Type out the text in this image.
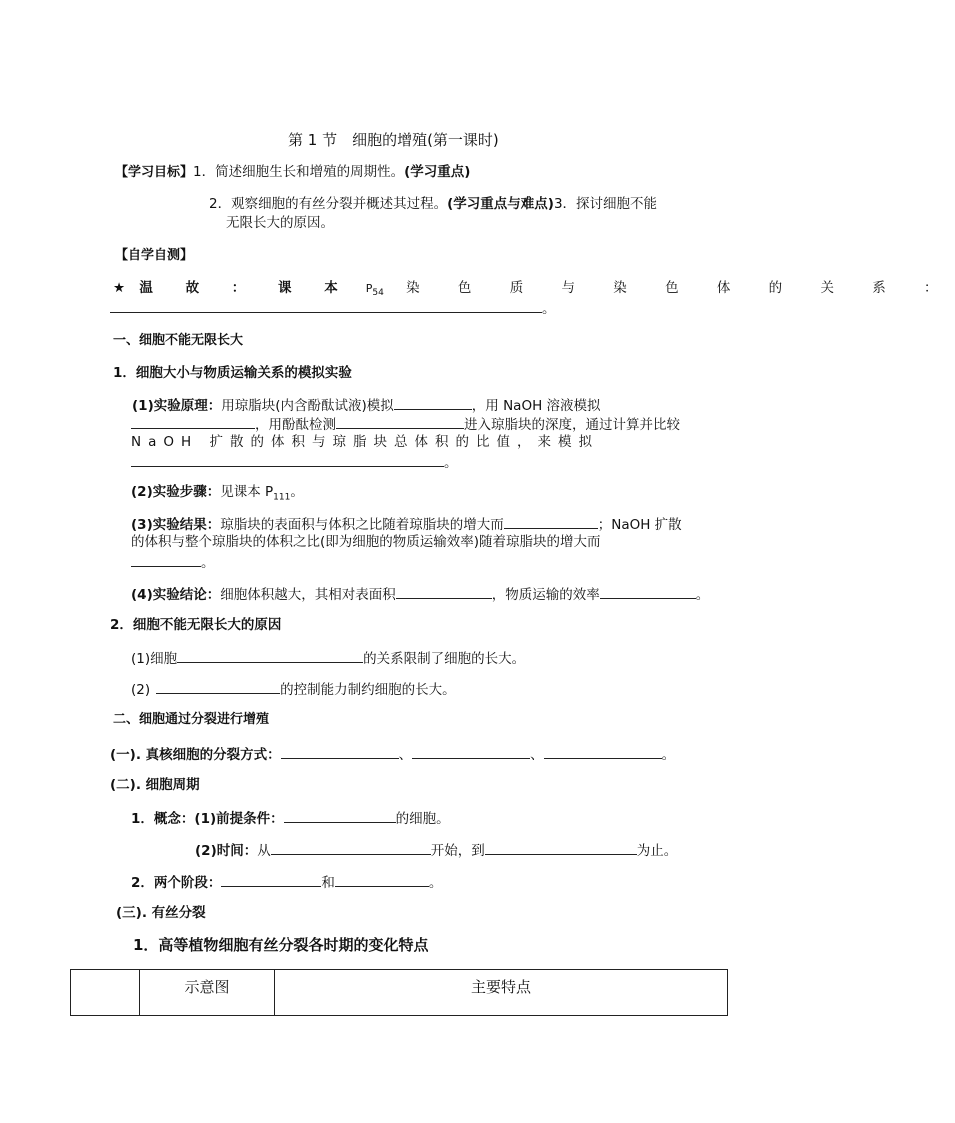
第 1 节　细胞的增殖(第一课时)
【学习目标】1．简述细胞生长和增殖的周期性。(学习重点)
2．观察细胞的有丝分裂并概述其过程。(学习重点与难点)3．探讨细胞不能
无限长大的原因。
【自学自测】
★ 温 故 ： 课 本 $P_{54}$ 染 色 质 与 染 色 体 的 关 系 ：
。
一、细胞不能无限长大
1．细胞大小与物质运输关系的模拟实验
(1)实验原理：用琼脂块(内含酚酞试液)模拟	，用 NaOH 溶液模拟
，用酚酞检测	进入琼脂块的深度，通过计算并比较
NaOH 扩散的体积与琼脂块总体积的比值，来模拟
。
(2)实验步骤：见课本 $P_{111}$。
(3)实验结果：琼脂块的表面积与体积之比随着琼脂块的增大而	；NaOH 扩散
的体积与整个琼脂块的体积之比(即为细胞的物质运输效率)随着琼脂块的增大而
。
(4)实验结论：细胞体积越大，其相对表面积	，物质运输的效率	。
2．细胞不能无限长大的原因
(1)细胞	的关系限制了细胞的长大。
(2)	的控制能力制约细胞的长大。
二、细胞通过分裂进行增殖
(一). 真核细胞的分裂方式：	、	、	。
(二). 细胞周期
1．概念：(1)前提条件：	的细胞。
(2)时间：从	开始，到	为止。
2．两个阶段：	和	。
(三). 有丝分裂
1．高等植物细胞有丝分裂各时期的变化特点
	示意图	主要特点
